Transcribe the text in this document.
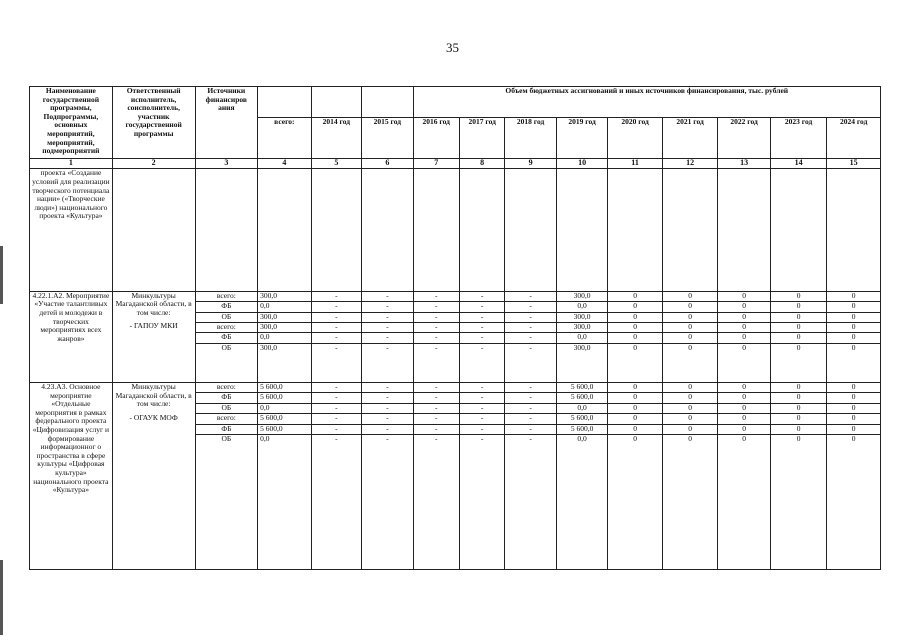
35
Наименование государственной программы, Подпрограммы, основных мероприятий, мероприятий, подмероприятий	Ответственный исполнитель, соисполнитель, участник государственной программы	Источники финансиров ания				Объем бюджетных ассигнований и иных источников финансирования, тыс. рублей								
			всего:	2014 год	2015 год	2016 год	2017 год	2018 год	2019 год	2020 год	2021 год	2022 год	2023 год	2024 год
1	2	3	4	5	6	7	8	9	10	11	12	13	14	15
проекта «Создание условий для реализации творческого потенциала нации» («Творческие люди») национального проекта «Культура»														
4.22.1.А2. Мероприятие «Участие талантливых детей и молодежи в творческих мероприятиях всех жанров»	Минкультуры Магаданской области, в том числе:	всего:	300,0	-	-	-	-	-	300,0	0	0	0	0	0
		ФБ	0,0	-	-	-	-	-	0,0	0	0	0	0	0
		ОБ	300,0	-	-	-	-	-	300,0	0	0	0	0	0
	- ГАПОУ МКИ	всего:	300,0	-	-	-	-	-	300,0	0	0	0	0	0
		ФБ	0,0	-	-	-	-	-	0,0	0	0	0	0	0
		ОБ	300,0	-	-	-	-	-	300,0	0	0	0	0	0
4.23.А3. Основное мероприятие «Отдельные мероприятия в рамках федерального проекта «Цифровизация услуг и формирование информационног о пространства в сфере культуры «Цифровая культура» национального проекта «Культура»	Минкультуры Магаданской области, в том числе:	всего:	5 600,0	-	-	-	-	-	5 600,0	0	0	0	0	0
		ФБ	5 600,0	-	-	-	-	-	5 600,0	0	0	0	0	0
		ОБ	0,0	-	-	-	-	-	0,0	0	0	0	0	0
	- ОГАУК МОФ	всего:	5 600,0	-	-	-	-	-	5 600,0	0	0	0	0	0
		ФБ	5 600,0	-	-	-	-	-	5 600,0	0	0	0	0	0
		ОБ	0,0	-	-	-	-	-	0,0	0	0	0	0	0
